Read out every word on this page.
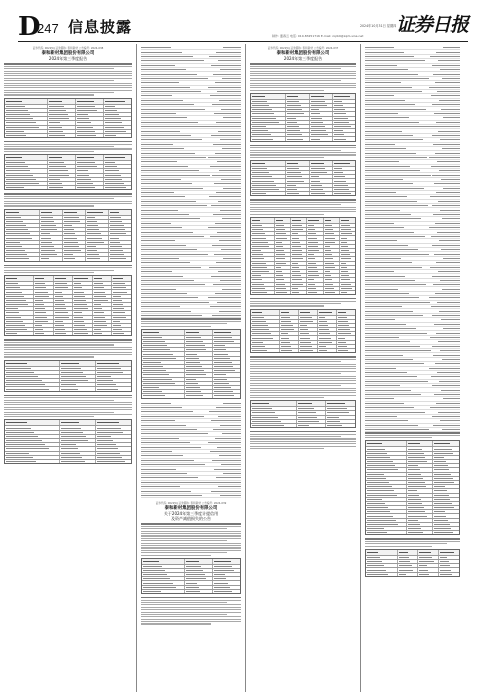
D
247 信息披露	2024年10月31日 星期四
制作: 董春云 电话: 010-83251716 E-mail: zqrb9@zqrb.sina.net 证券日报
证券代码: 002254 证券简称: 泰和新材 公告编号: 2024-038
泰和新材集团股份有限公司
2024年第三季度报告
证券代码: 002254 证券简称: 泰和新材 公告编号: 2024-039
泰和新材集团股份有限公司
关于2024年第三季度计提信用
及资产减值损失的公告
证券代码: 002254 证券简称: 泰和新材 公告编号: 2024-037
泰和新材集团股份有限公司
2024年第三季度报告
